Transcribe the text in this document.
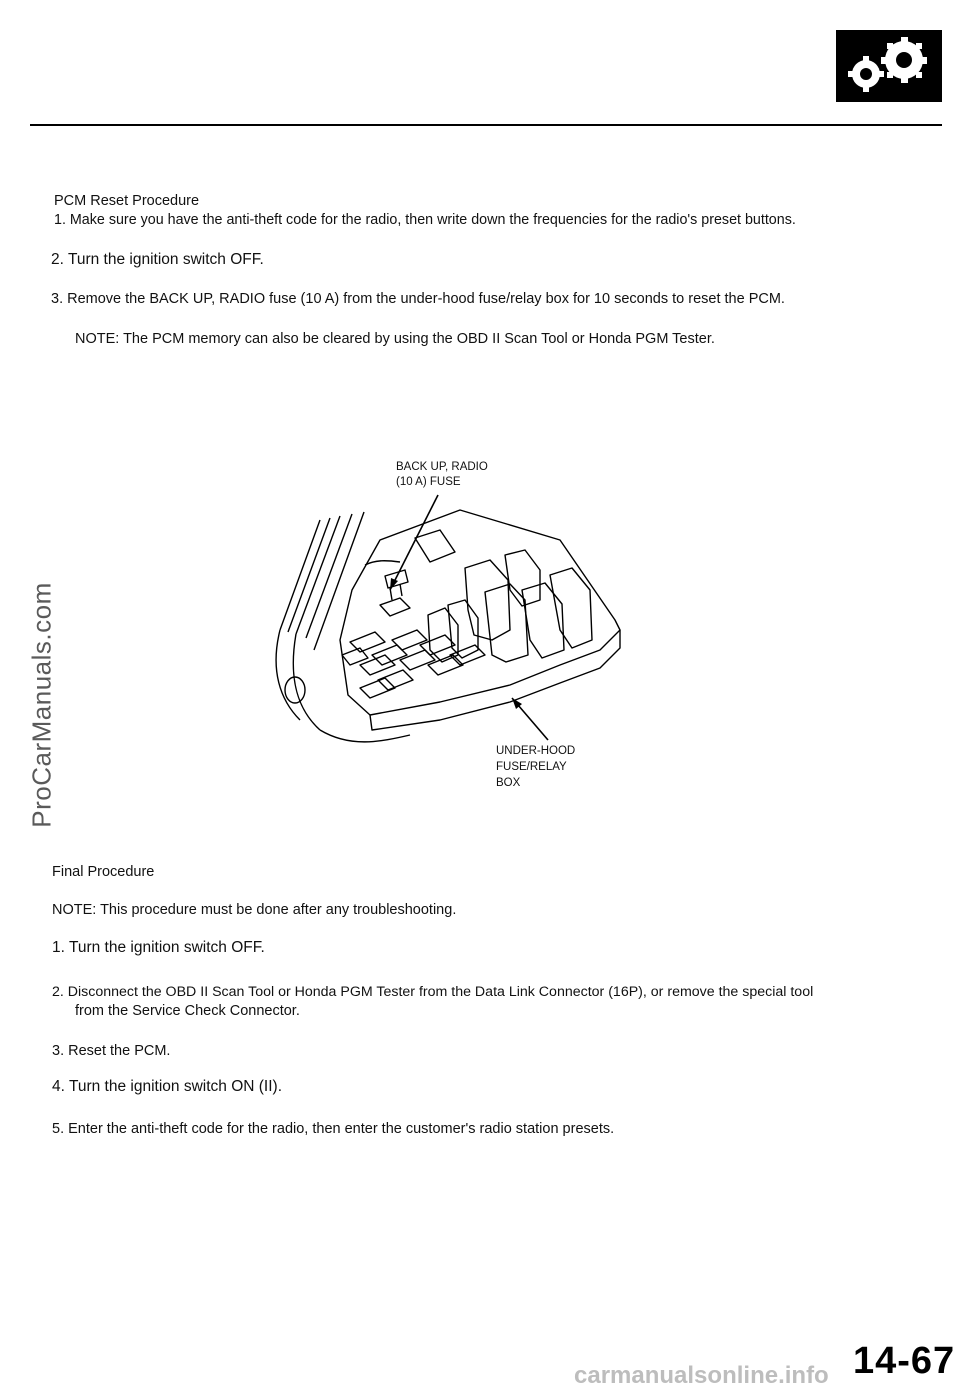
ProCarManuals.com
PCM Reset Procedure
1. Make sure you have the anti-theft code for the radio, then write down the frequencies for the radio's preset buttons.
2. Turn the ignition switch OFF.
3. Remove the BACK UP, RADIO fuse (10 A) from the under-hood fuse/relay box for 10 seconds to reset the PCM.
NOTE: The PCM memory can also be cleared by using the OBD II Scan Tool or Honda PGM Tester.
BACK UP, RADIO
(10 A) FUSE
UNDER-HOOD
FUSE/RELAY
BOX
Final Procedure
NOTE: This procedure must be done after any troubleshooting.
1. Turn the ignition switch OFF.
2. Disconnect the OBD II Scan Tool or Honda PGM Tester from the Data Link Connector (16P), or remove the special tool
from the Service Check Connector.
3. Reset the PCM.
4. Turn the ignition switch ON (II).
5. Enter the anti-theft code for the radio, then enter the customer's radio station presets.
carmanualsonline.info 14-67
